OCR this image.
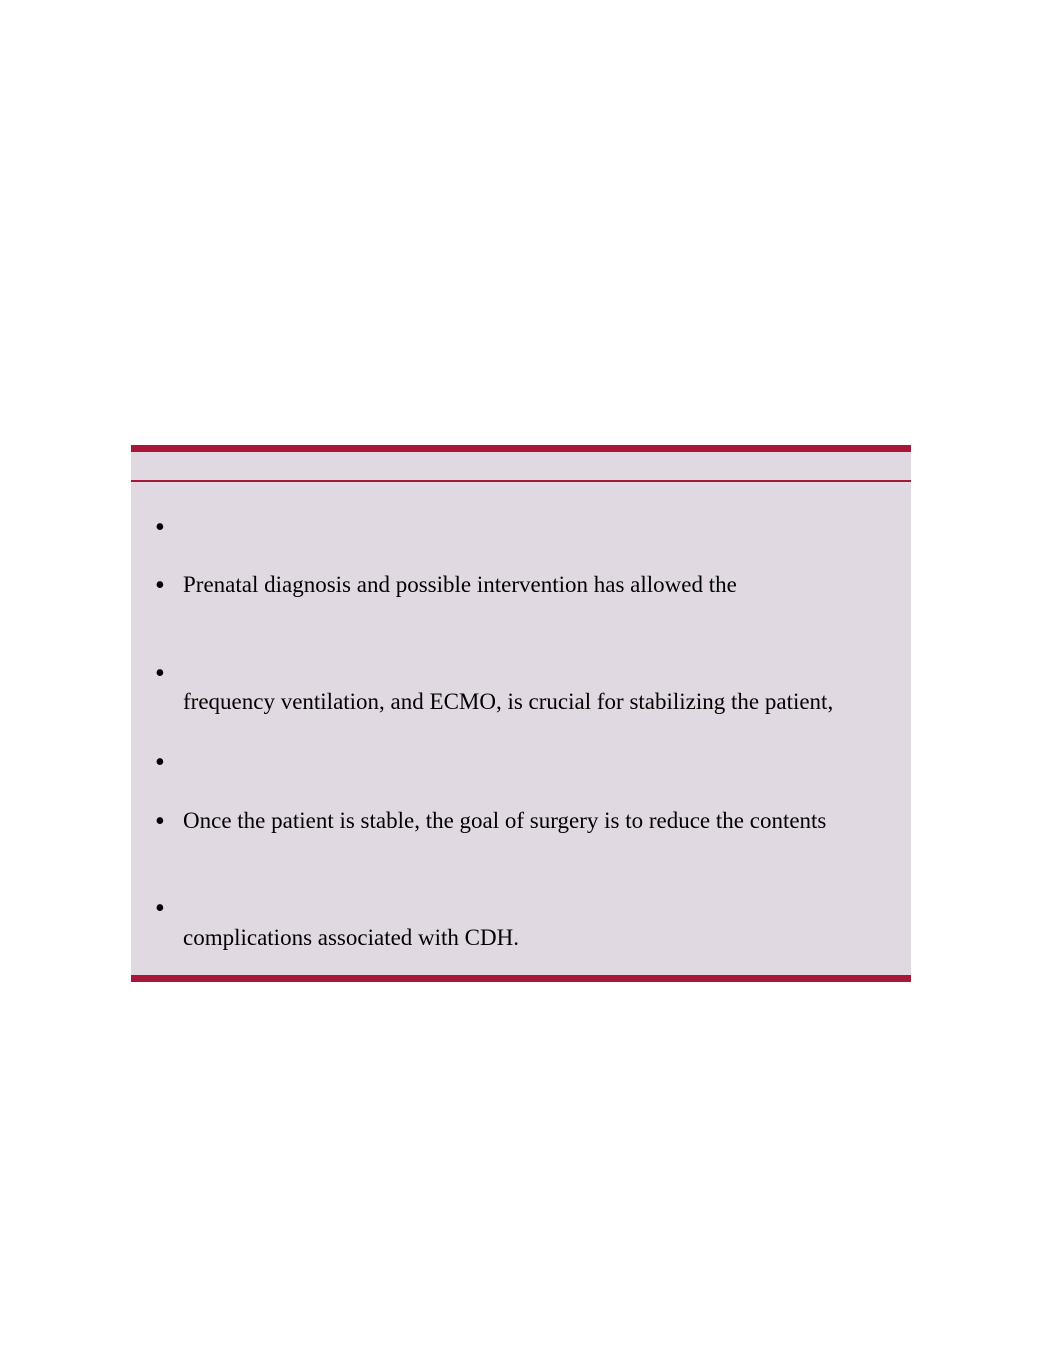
•
• Prenatal diagnosis and possible intervention has allowed the
•
frequency ventilation, and ECMO, is crucial for stabilizing the patient,
•
• Once the patient is stable, the goal of surgery is to reduce the contents
•
complications associated with CDH.
